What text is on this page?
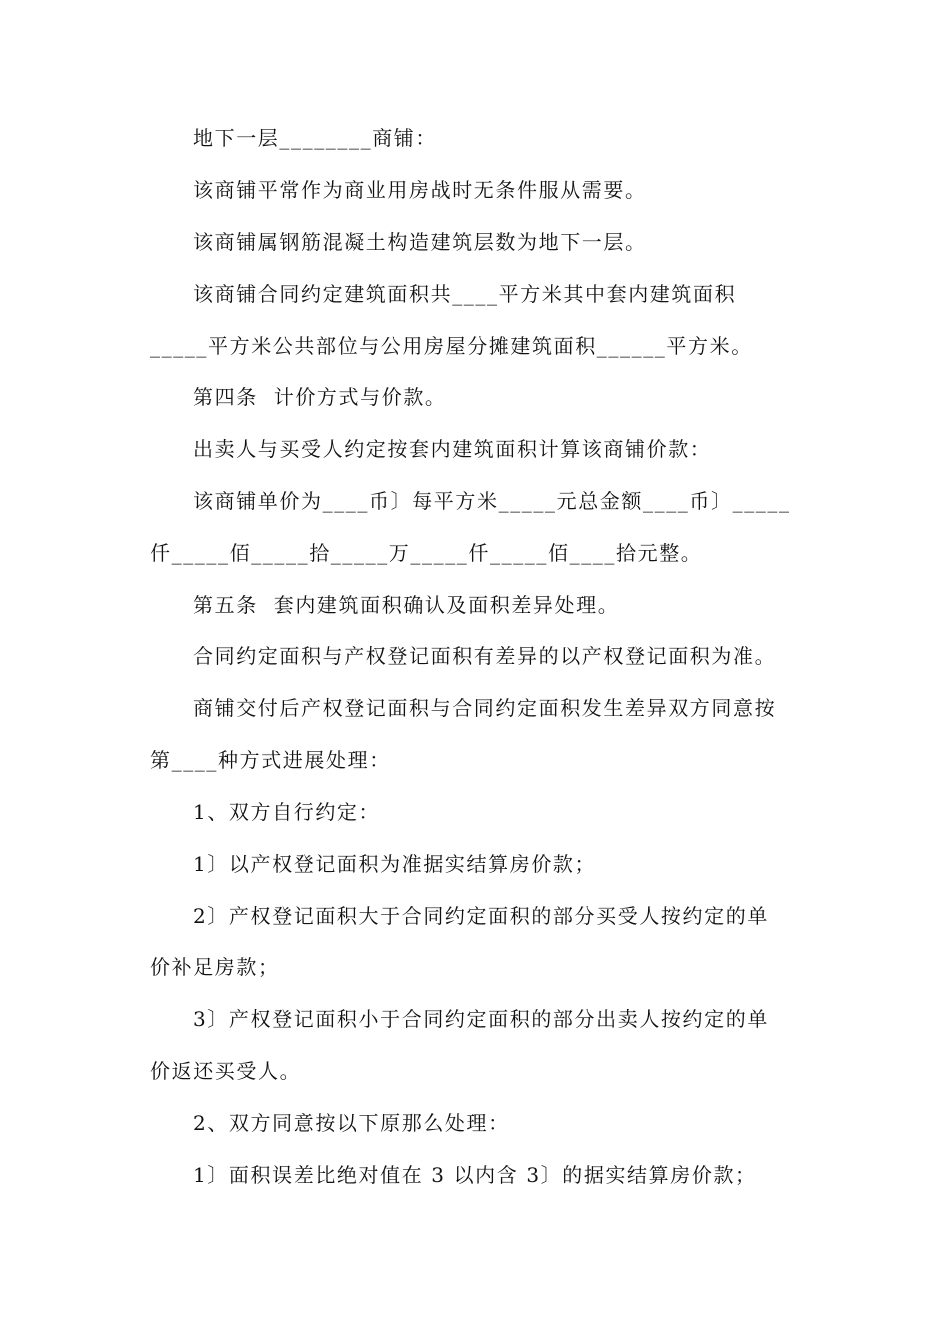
地下一层________商铺：
该商铺平常作为商业用房战时无条件服从需要。
该商铺属钢筋混凝土构造建筑层数为地下一层。
该商铺合同约定建筑面积共____平方米其中套内建筑面积
_____平方米公共部位与公用房屋分摊建筑面积______平方米。
第四条  计价方式与价款。
出卖人与买受人约定按套内建筑面积计算该商铺价款：
该商铺单价为____币〕每平方米_____元总金额____币〕_____
仟_____佰_____拾_____万_____仟_____佰____拾元整。
第五条  套内建筑面积确认及面积差异处理。
合同约定面积与产权登记面积有差异的以产权登记面积为准。
商铺交付后产权登记面积与合同约定面积发生差异双方同意按
第____种方式进展处理：
1、双方自行约定：
1〕以产权登记面积为准据实结算房价款；
2〕产权登记面积大于合同约定面积的部分买受人按约定的单
价补足房款；
3〕产权登记面积小于合同约定面积的部分出卖人按约定的单
价返还买受人。
2、双方同意按以下原那么处理：
1〕面积误差比绝对值在 3 以内含 3〕的据实结算房价款；
